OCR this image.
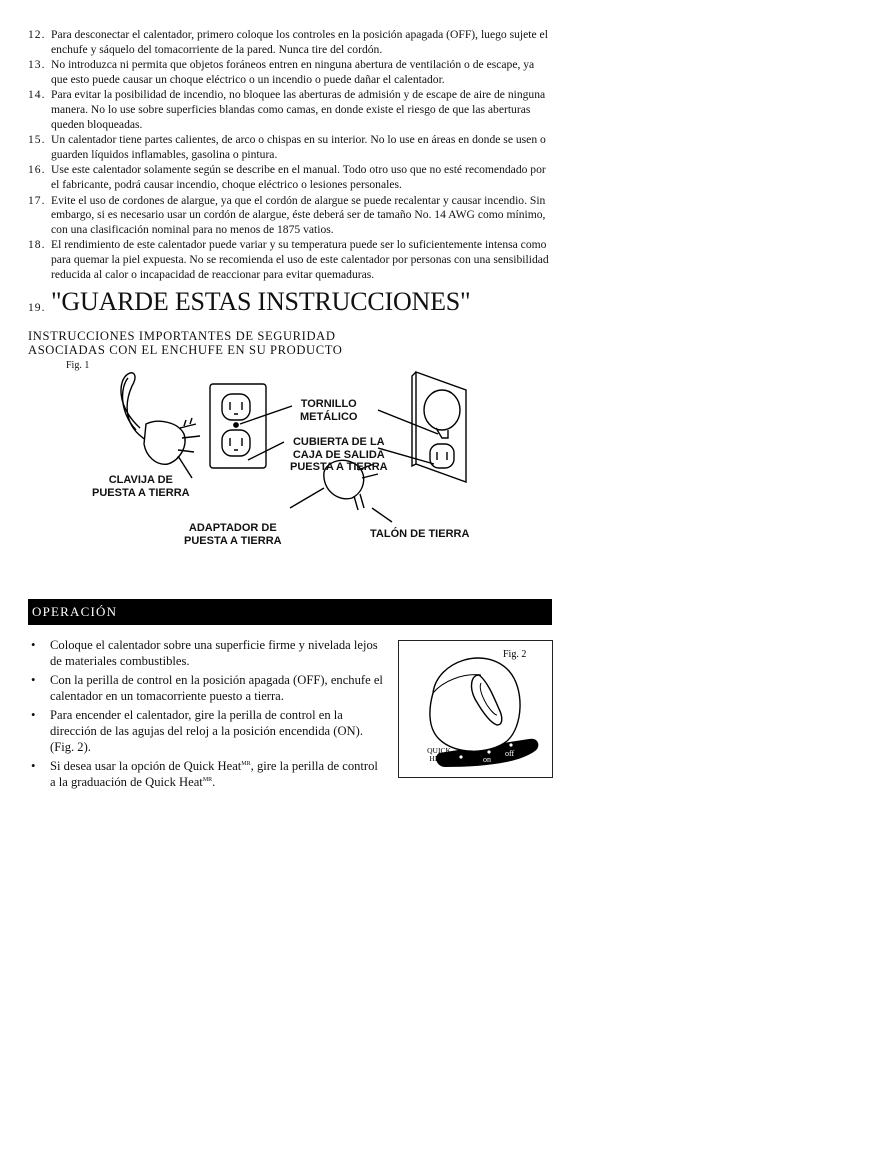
12. Para desconectar el calentador, primero coloque los controles en la posición apagada (OFF), luego sujete el enchufe y sáquelo del tomacorriente de la pared. Nunca tire del cordón.
13. No introduzca ni permita que objetos foráneos entren en ninguna abertura de ventilación o de escape, ya que esto puede causar un choque eléctrico o un incendio o puede dañar el calentador.
14. Para evitar la posibilidad de incendio, no bloquee las aberturas de admisión y de escape de aire de ninguna manera. No lo use sobre superficies blandas como camas, en donde existe el riesgo de que las aberturas queden bloqueadas.
15. Un calentador tiene partes calientes, de arco o chispas en su interior. No lo use en áreas en donde se usen o guarden líquidos inflamables, gasolina o pintura.
16. Use este calentador solamente según se describe en el manual. Todo otro uso que no esté recomendado por el fabricante, podrá causar incendio, choque eléctrico o lesiones personales.
17. Evite el uso de cordones de alargue, ya que el cordón de alargue se puede recalentar y causar incendio. Sin embargo, si es necesario usar un cordón de alargue, éste deberá ser de tamaño No. 14 AWG como mínimo, con una clasificación nominal para no menos de 1875 vatios.
18. El rendimiento de este calentador puede variar y su temperatura puede ser lo suficientemente intensa como para quemar la piel expuesta. No se recomienda el uso de este calentador por personas con una sensibilidad reducida al calor o incapacidad de reaccionar para evitar quemaduras.
19. "GUARDE ESTAS INSTRUCCIONES"
INSTRUCCIONES IMPORTANTES DE SEGURIDAD
ASOCIADAS CON EL ENCHUFE EN SU PRODUCTO
Fig. 1
TORNILLO
METÁLICO
CUBIERTA DE LA
CAJA DE SALIDA
PUESTA A TIERRA
CLAVIJA DE
PUESTA A TIERRA
ADAPTADOR DE
PUESTA A TIERRA
TALÓN DE TIERRA
OPERACIÓN
• Coloque el calentador sobre una superficie firme y nivelada lejos de materiales combustibles.
• Con la perilla de control en la posición apagada (OFF), enchufe el calentador en un tomacorriente puesto a tierra.
• Para encender el calentador, gire la perilla de control en la dirección de las agujas del reloj a la posición encendida (ON). (Fig. 2).
• Si desea usar la opción de Quick Heat$^{MR}$, gire la perilla de control a la graduación de Quick Heat$^{MR}$.
Fig. 2
QUICK
HEAT	on
off
